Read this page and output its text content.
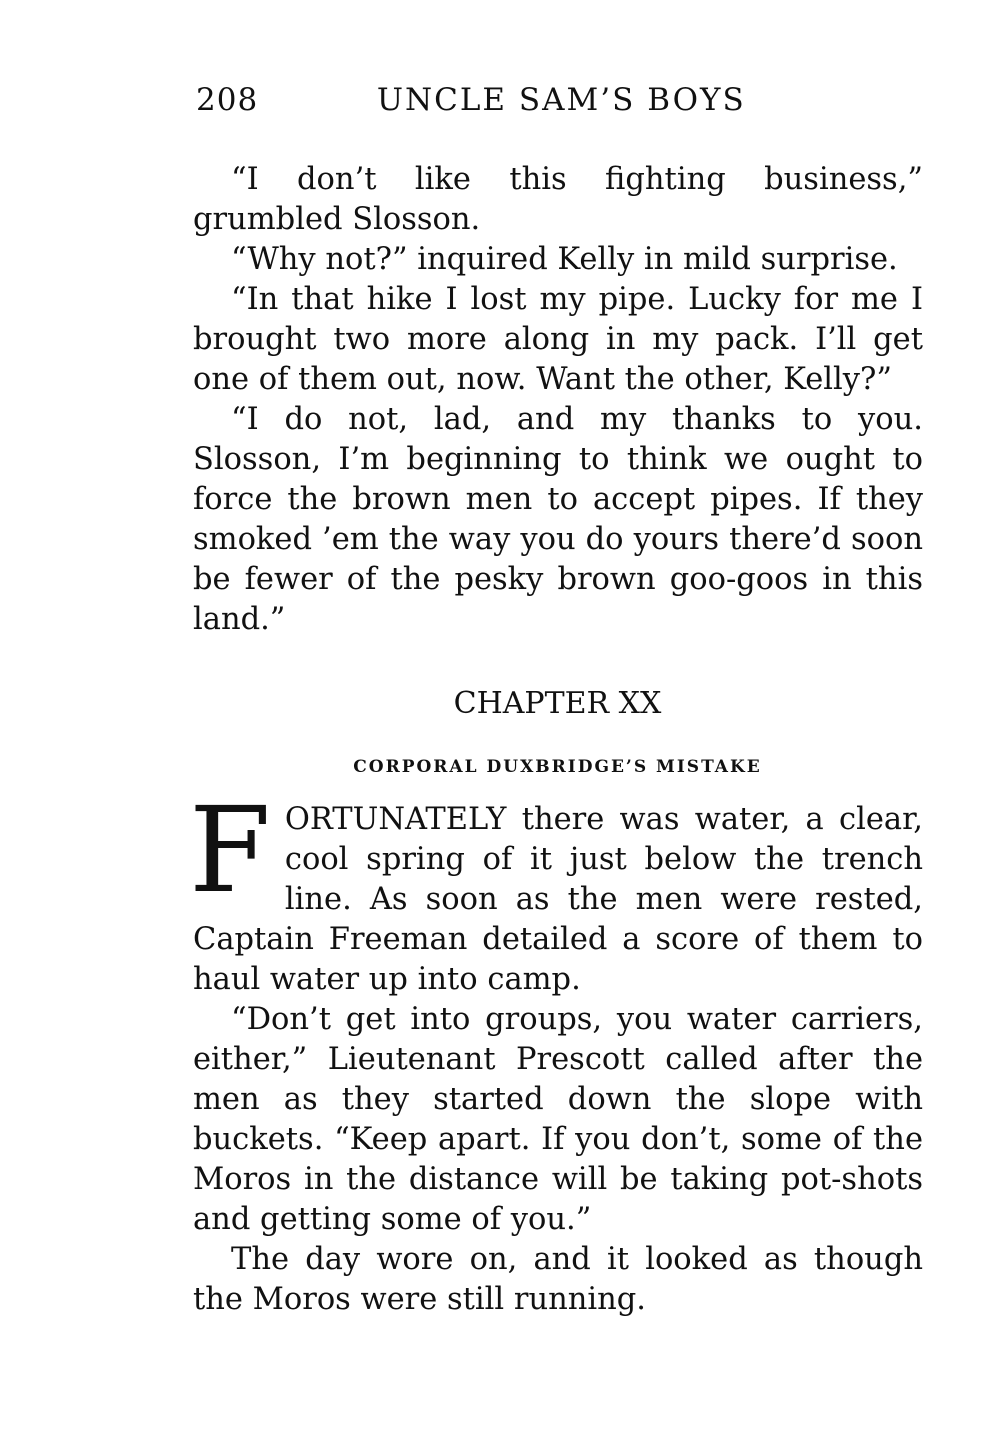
208	UNCLE SAM’S BOYS

“I don’t like this fighting business,” grumbled Slosson.

“Why not?” inquired Kelly in mild surprise.

“In that hike I lost my pipe. Lucky for me I brought two more along in my pack. I’ll get one of them out, now. Want the other, Kelly?”

“I do not, lad, and my thanks to you. Slosson, I’m beginning to think we ought to force the brown men to accept pipes. If they smoked ’em the way you do yours there’d soon be fewer of the pesky brown goo-goos in this land.”

CHAPTER XX
CORPORAL DUXBRIDGE’S MISTAKE

FORTUNATELY there was water, a clear, cool spring of it just below the trench line. As soon as the men were rested, Captain Freeman detailed a score of them to haul water up into camp.

“Don’t get into groups, you water carriers, either,” Lieutenant Prescott called after the men as they started down the slope with buckets. “Keep apart. If you don’t, some of the Moros in the distance will be taking pot-shots and getting some of you.”

The day wore on, and it looked as though the Moros were still running.
